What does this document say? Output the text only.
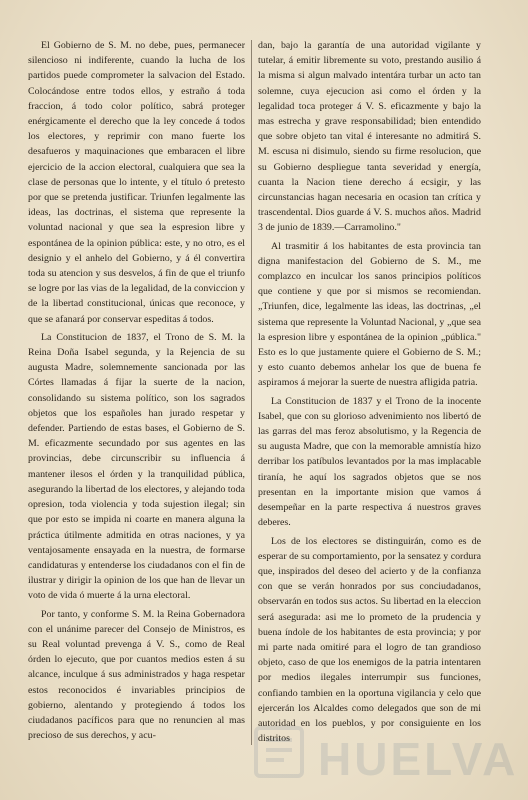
El Gobierno de S. M. no debe, pues, permanecer silencioso ni indiferente, cuando la lucha de los partidos puede comprometer la salvacion del Estado. Colocándose entre todos ellos, y estraño á toda fraccion, á todo color político, sabrá proteger enérgicamente el derecho que la ley concede á todos los electores, y reprimir con mano fuerte los desafueros y maquinaciones que embaracen el libre ejercicio de la accion electoral, cualquiera que sea la clase de personas que lo intente, y el título ó pretesto por que se pretenda justificar. Triunfen legalmente las ideas, las doctrinas, el sistema que represente la voluntad nacional y que sea la espresion libre y espontánea de la opinion pública: este, y no otro, es el designio y el anhelo del Gobierno, y á él convertira toda su atencion y sus desvelos, á fin de que el triunfo se logre por las vias de la legalidad, de la conviccion y de la libertad constitucional, únicas que reconoce, y que se afanará por conservar espeditas á todos.

La Constitucion de 1837, el Trono de S. M. la Reina Doña Isabel segunda, y la Rejencia de su augusta Madre, solemnemente sancionada por las Córtes llamadas á fijar la suerte de la nacion, consolidando su sistema político, son los sagrados objetos que los españoles han jurado respetar y defender. Partiendo de estas bases, el Gobierno de S. M. eficazmente secundado por sus agentes en las provincias, debe circunscribir su influencia á mantener ilesos el órden y la tranquilidad pública, asegurando la libertad de los electores, y alejando toda opresion, toda violencia y toda sujestion ilegal; sin que por esto se impida ni coarte en manera alguna la práctica útilmente admitida en otras naciones, y ya ventajosamente ensayada en la nuestra, de formarse candidaturas y entenderse los ciudadanos con el fin de ilustrar y dirigir la opinion de los que han de llevar un voto de vida ó muerte á la urna electoral.

Por tanto, y conforme S. M. la Reina Gobernadora con el unánime parecer del Consejo de Ministros, es su Real voluntad prevenga á V. S., como de Real órden lo ejecuto, que por cuantos medios esten á su alcance, inculque á sus administrados y haga respetar estos reconocidos é invariables principios de gobierno, alentando y protegiendo á todos los ciudadanos pacíficos para que no renuncien al mas precioso de sus derechos, y acu-

dan, bajo la garantía de una autoridad vigilante y tutelar, á emitir libremente su voto, prestando ausilio á la misma si algun malvado intentára turbar un acto tan solemne, cuya ejecucion asi como el órden y la legalidad toca proteger á V. S. eficazmente y bajo la mas estrecha y grave responsabilidad; bien entendido que sobre objeto tan vital é interesante no admitirá S. M. escusa ni disimulo, siendo su firme resolucion, que su Gobierno despliegue tanta severidad y energía, cuanta la Nacion tiene derecho á ecsigir, y las circunstancias hagan necesaria en ocasion tan crítica y trascendental. Dios guarde á V. S. muchos años. Madrid 3 de junio de 1839.—Carramolino."

Al trasmitir á los habitantes de esta provincia tan digna manifestacion del Gobierno de S. M., me complazco en inculcar los sanos principios políticos que contiene y que por si mismos se recomiendan. „Triunfen, dice, legalmente las ideas, las doctrinas, „el sistema que represente la Voluntad Nacional, y „que sea la espresion libre y espontánea de la opinion „pública." Esto es lo que justamente quiere el Gobierno de S. M.; y esto cuanto debemos anhelar los que de buena fe aspiramos á mejorar la suerte de nuestra afligida patria.

La Constitucion de 1837 y el Trono de la inocente Isabel, que con su glorioso advenimiento nos libertó de las garras del mas feroz absolutismo, y la Regencia de su augusta Madre, que con la memorable amnistía hizo derribar los patíbulos levantados por la mas implacable tiranía, he aquí los sagrados objetos que se nos presentan en la importante mision que vamos á desempeñar en la parte respectiva á nuestros graves deberes.

Los de los electores se distinguirán, como es de esperar de su comportamiento, por la sensatez y cordura que, inspirados del deseo del acierto y de la confianza con que se verán honrados por sus conciudadanos, observarán en todos sus actos. Su libertad en la eleccion será asegurada: asi me lo prometo de la prudencia y buena índole de los habitantes de esta provincia; y por mi parte nada omitiré para el logro de tan grandioso objeto, caso de que los enemigos de la patria intentaren por medios ilegales interrumpir sus funciones, confiando tambien en la oportuna vigilancia y celo que ejercerán los Alcaldes como delegados que son de mi autoridad en los pueblos, y por consiguiente en los distritos HUELVA
